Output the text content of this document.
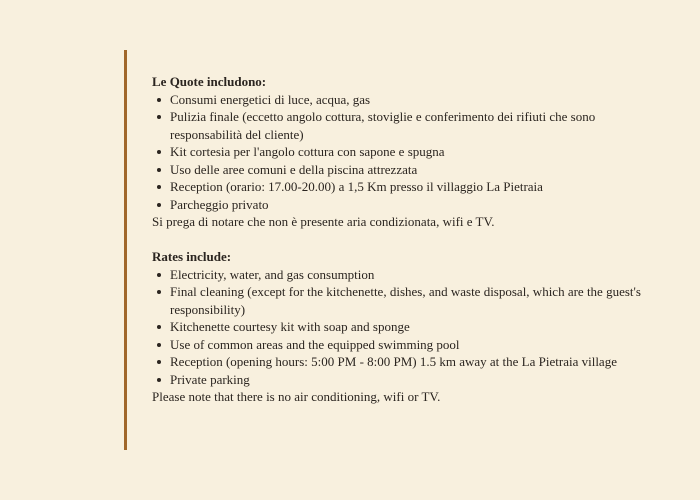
Le Quote includono:

Consumi energetici di luce, acqua, gas
Pulizia finale (eccetto angolo cottura, stoviglie e conferimento dei rifiuti che sono responsabilità del cliente)
Kit cortesia per l'angolo cottura con sapone e spugna
Uso delle aree comuni e della piscina attrezzata
Reception (orario: 17.00-20.00) a 1,5 Km presso il villaggio La Pietraia
Parcheggio privato

Si prega di notare che non è presente aria condizionata, wifi e TV.

Rates include:

Electricity, water, and gas consumption
Final cleaning (except for the kitchenette, dishes, and waste disposal, which are the guest's responsibility)
Kitchenette courtesy kit with soap and sponge
Use of common areas and the equipped swimming pool
Reception (opening hours: 5:00 PM - 8:00 PM) 1.5 km away at the La Pietraia village
Private parking

Please note that there is no air conditioning, wifi or TV.
